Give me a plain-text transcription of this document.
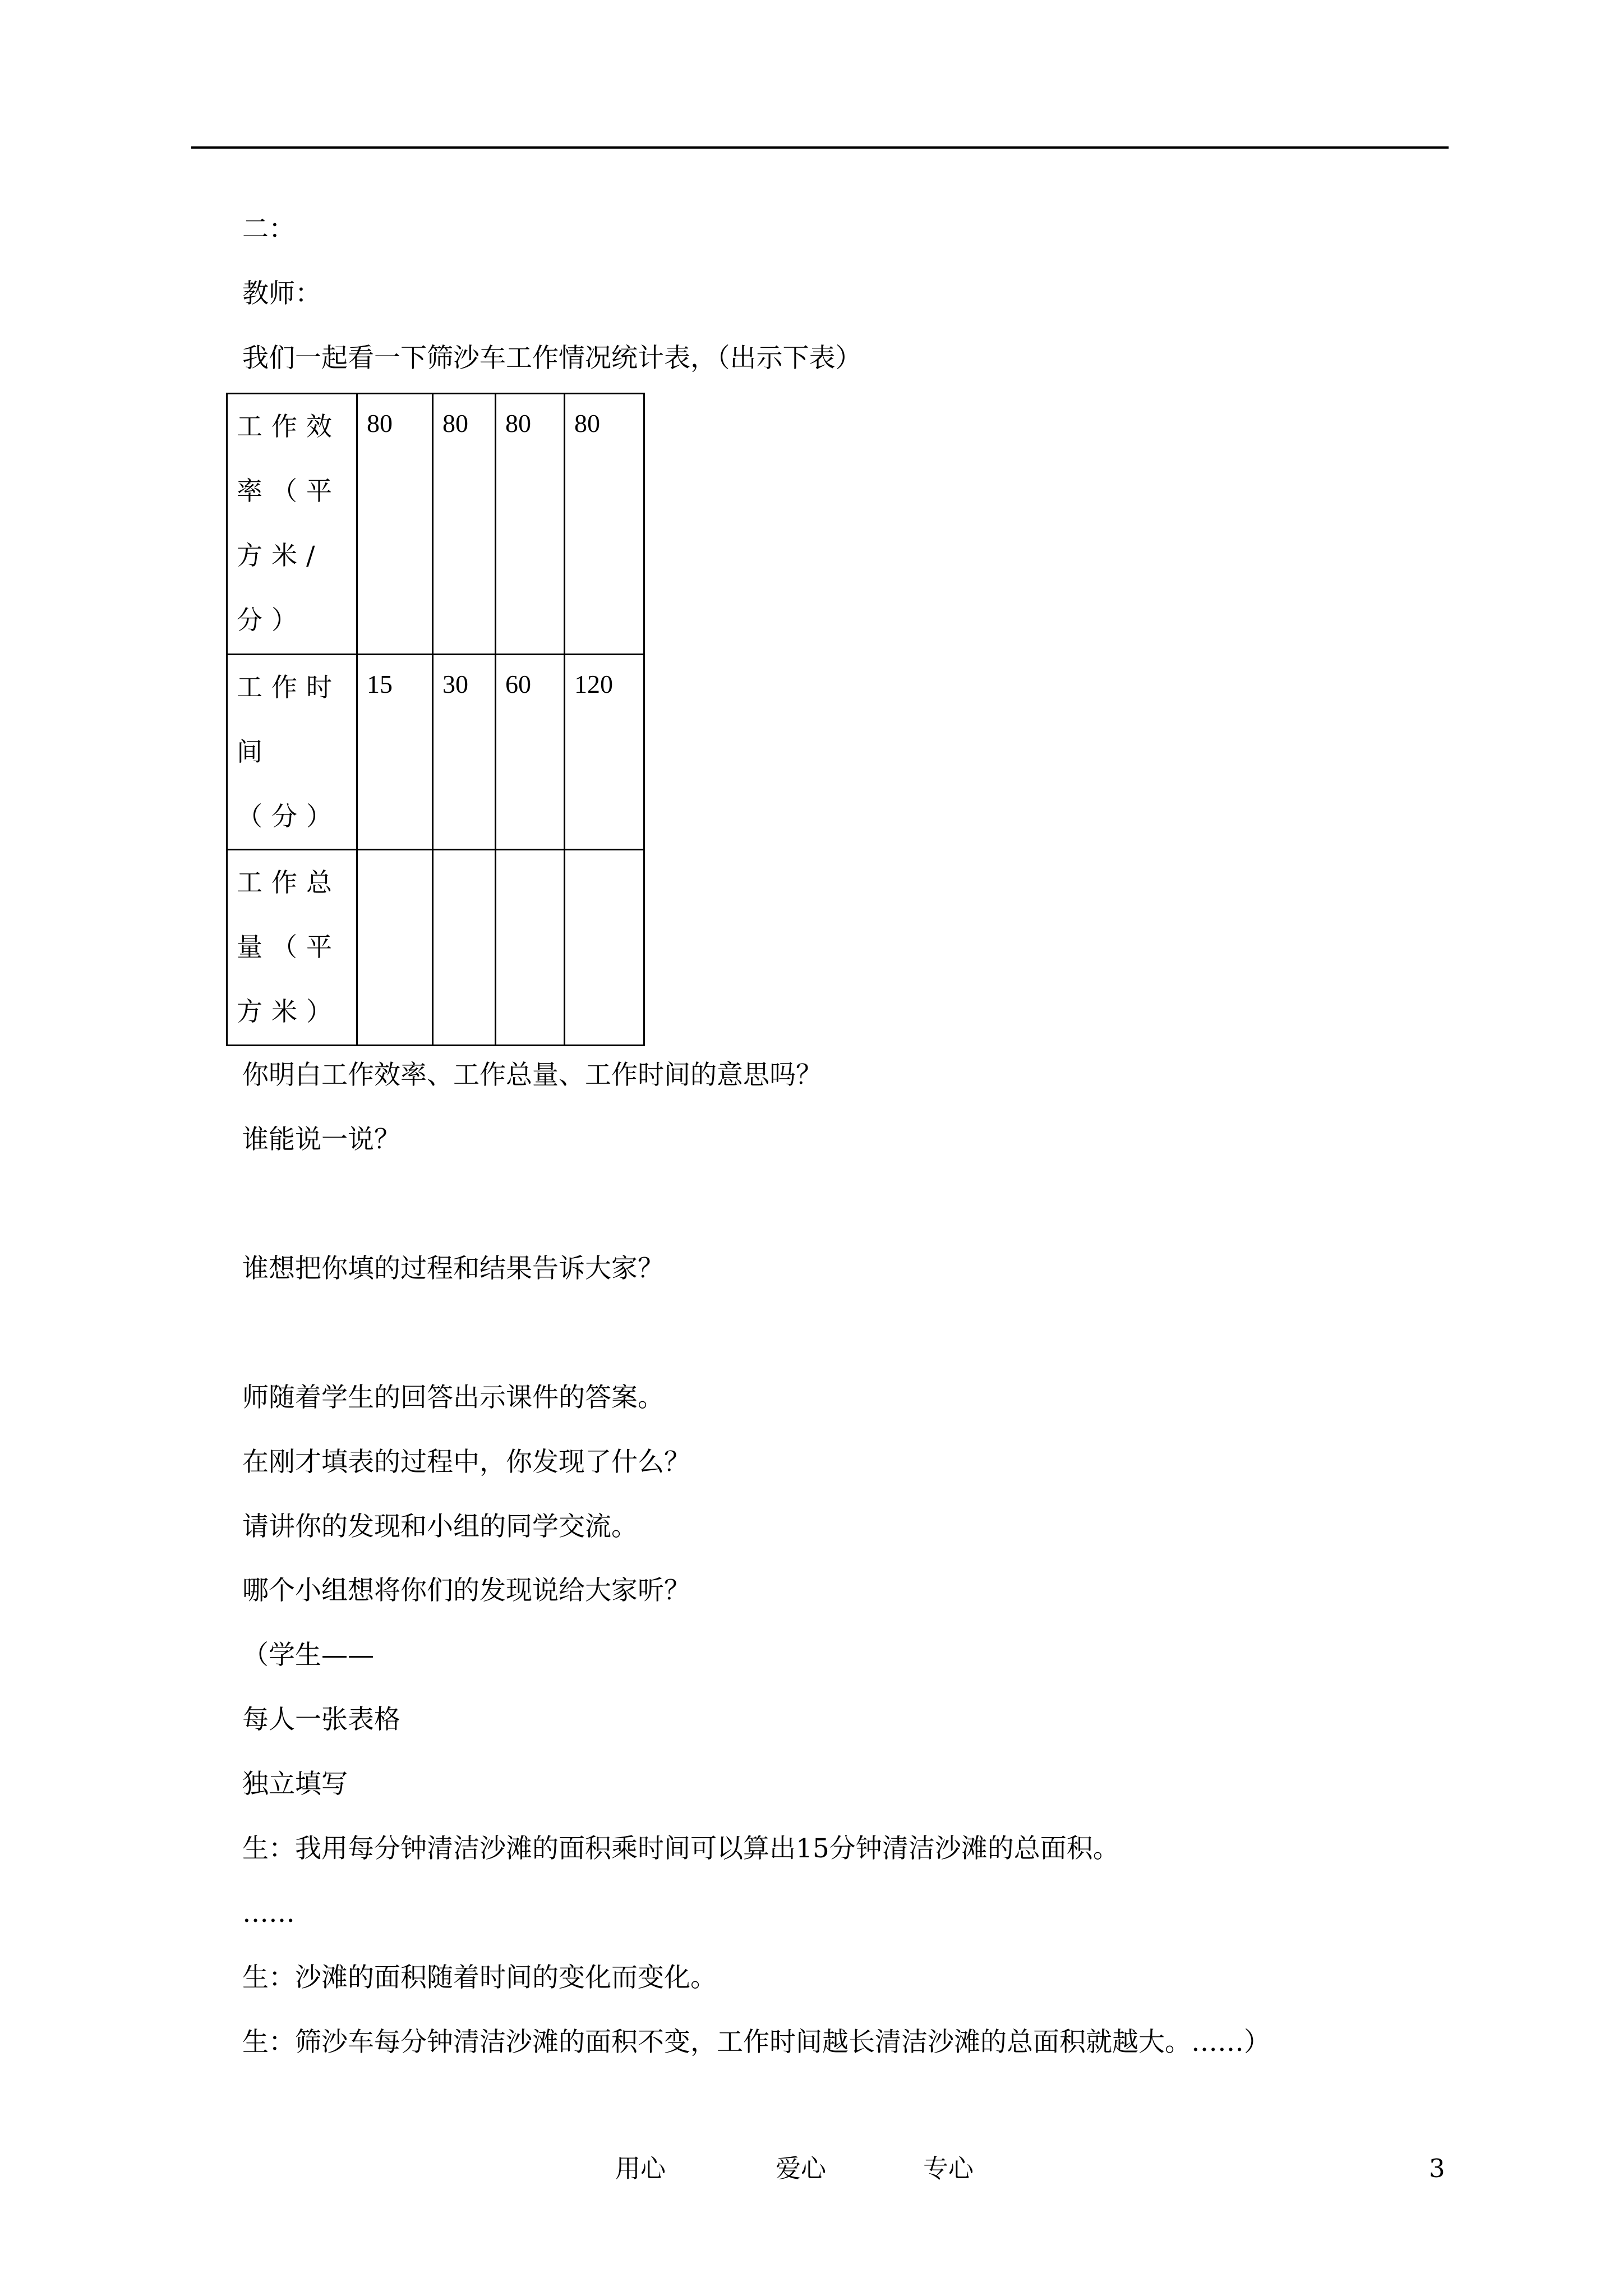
二：

教师：

我们一起看一下筛沙车工作情况统计表，（出示下表）

工作效率（平方米/分）	80	80	80	80
工作时间（分）	15	30	60	120
工作总量（平方米）				

你明白工作效率、工作总量、工作时间的意思吗？

谁能说一说？

谁想把你填的过程和结果告诉大家？

师随着学生的回答出示课件的答案。

在刚才填表的过程中，你发现了什么？

请讲你的发现和小组的同学交流。

哪个小组想将你们的发现说给大家听？

（学生——

每人一张表格

独立填写

生：我用每分钟清洁沙滩的面积乘时间可以算出15分钟清洁沙滩的总面积。

……

生：沙滩的面积随着时间的变化而变化。

生：筛沙车每分钟清洁沙滩的面积不变，工作时间越长清洁沙滩的总面积就越大。……）

用心	爱心	专心	3
